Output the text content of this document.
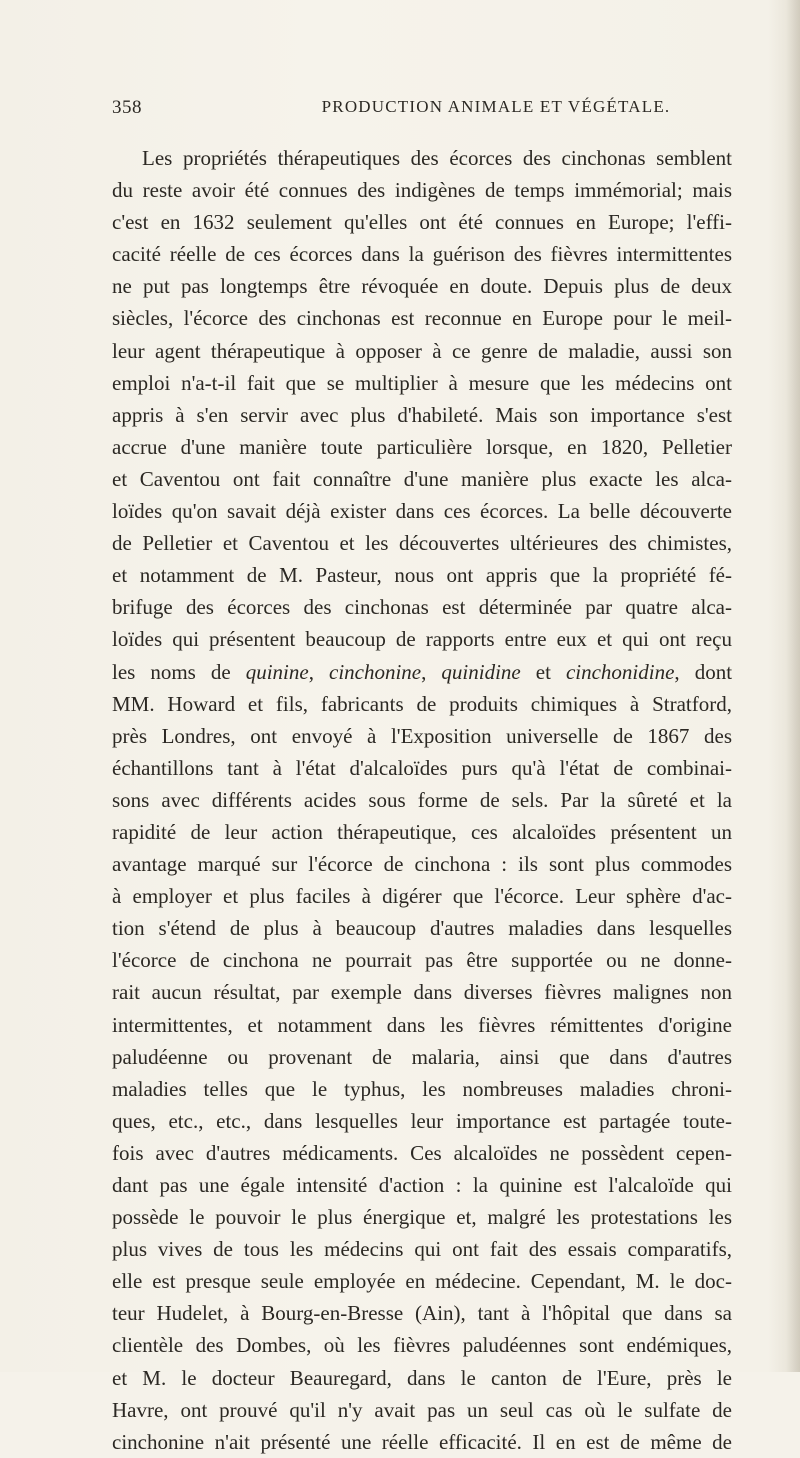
358	PRODUCTION ANIMALE ET VÉGÉTALE.
Les propriétés thérapeutiques des écorces des cinchonas semblent
du reste avoir été connues des indigènes de temps immémorial; mais
c'est en 1632 seulement qu'elles ont été connues en Europe; l'effi-
cacité réelle de ces écorces dans la guérison des fièvres intermittentes
ne put pas longtemps être révoquée en doute. Depuis plus de deux
siècles, l'écorce des cinchonas est reconnue en Europe pour le meil-
leur agent thérapeutique à opposer à ce genre de maladie, aussi son
emploi n'a-t-il fait que se multiplier à mesure que les médecins ont
appris à s'en servir avec plus d'habileté. Mais son importance s'est
accrue d'une manière toute particulière lorsque, en 1820, Pelletier
et Caventou ont fait connaître d'une manière plus exacte les alca-
loïdes qu'on savait déjà exister dans ces écorces. La belle découverte
de Pelletier et Caventou et les découvertes ultérieures des chimistes,
et notamment de M. Pasteur, nous ont appris que la propriété fé-
brifuge des écorces des cinchonas est déterminée par quatre alca-
loïdes qui présentent beaucoup de rapports entre eux et qui ont reçu
les noms de quinine, cinchonine, quinidine et cinchonidine, dont
MM. Howard et fils, fabricants de produits chimiques à Stratford,
près Londres, ont envoyé à l'Exposition universelle de 1867 des
échantillons tant à l'état d'alcaloïdes purs qu'à l'état de combinai-
sons avec différents acides sous forme de sels. Par la sûreté et la
rapidité de leur action thérapeutique, ces alcaloïdes présentent un
avantage marqué sur l'écorce de cinchona : ils sont plus commodes
à employer et plus faciles à digérer que l'écorce. Leur sphère d'ac-
tion s'étend de plus à beaucoup d'autres maladies dans lesquelles
l'écorce de cinchona ne pourrait pas être supportée ou ne donne-
rait aucun résultat, par exemple dans diverses fièvres malignes non
intermittentes, et notamment dans les fièvres rémittentes d'origine
paludéenne ou provenant de malaria, ainsi que dans d'autres
maladies telles que le typhus, les nombreuses maladies chroni-
ques, etc., etc., dans lesquelles leur importance est partagée toute-
fois avec d'autres médicaments. Ces alcaloïdes ne possèdent cepen-
dant pas une égale intensité d'action : la quinine est l'alcaloïde qui
possède le pouvoir le plus énergique et, malgré les protestations les
plus vives de tous les médecins qui ont fait des essais comparatifs,
elle est presque seule employée en médecine. Cependant, M. le doc-
teur Hudelet, à Bourg-en-Bresse (Ain), tant à l'hôpital que dans sa
clientèle des Dombes, où les fièvres paludéennes sont endémiques,
et M. le docteur Beauregard, dans le canton de l'Eure, près le
Havre, ont prouvé qu'il n'y avait pas un seul cas où le sulfate de
cinchonine n'ait présenté une réelle efficacité. Il en est de même de
